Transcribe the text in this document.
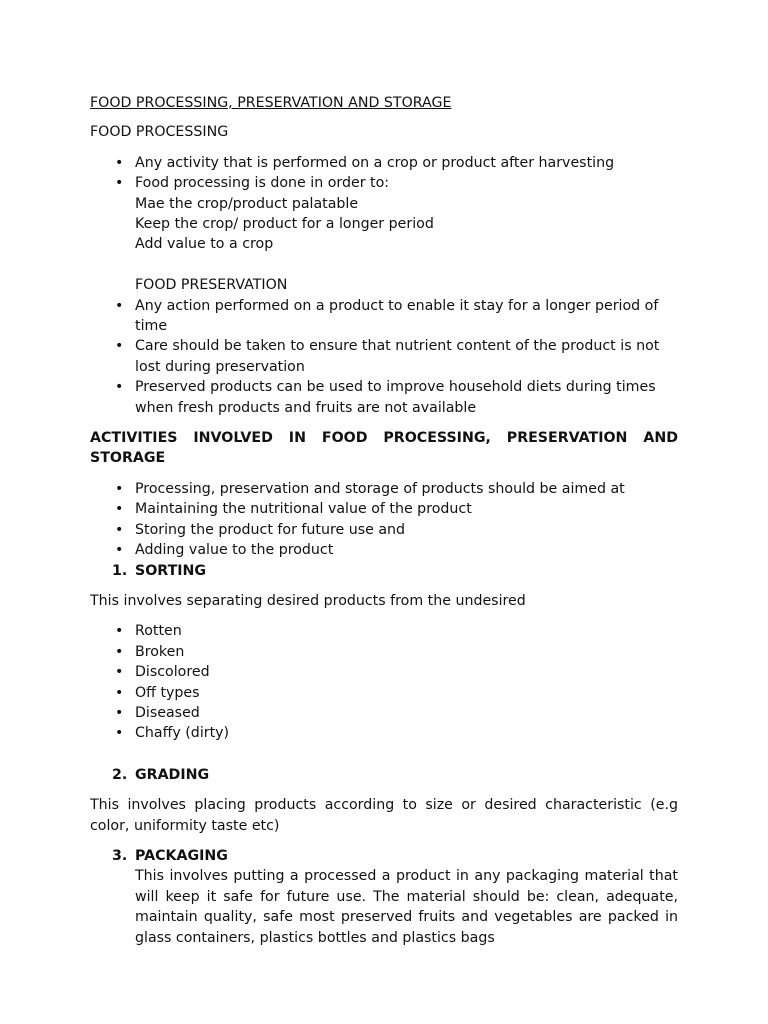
FOOD PROCESSING, PRESERVATION AND STORAGE
FOOD PROCESSING
• Any activity that is performed on a crop or product after harvesting
• Food processing is done in order to:
Mae the crop/product palatable
Keep the crop/ product for a longer period
Add value to a crop
FOOD PRESERVATION
• Any action performed on a product to enable it stay for a longer period of time
• Care should be taken to ensure that nutrient content of the product is not lost during preservation
• Preserved products can be used to improve household diets during times when fresh products and fruits are not available
ACTIVITIES INVOLVED IN FOOD PROCESSING, PRESERVATION AND
STORAGE
• Processing, preservation and storage of products should be aimed at
• Maintaining the nutritional value of the product
• Storing the product for future use and
• Adding value to the product
1. SORTING
This involves separating desired products from the undesired
• Rotten
• Broken
• Discolored
• Off types
• Diseased
• Chaffy (dirty)
2. GRADING
This involves placing products according to size or desired characteristic (e.g color, uniformity taste etc)
3. PACKAGING
This involves putting a processed a product in any packaging material that will keep it safe for future use. The material should be: clean, adequate, maintain quality, safe most preserved fruits and vegetables are packed in glass containers, plastics bottles and plastics bags
